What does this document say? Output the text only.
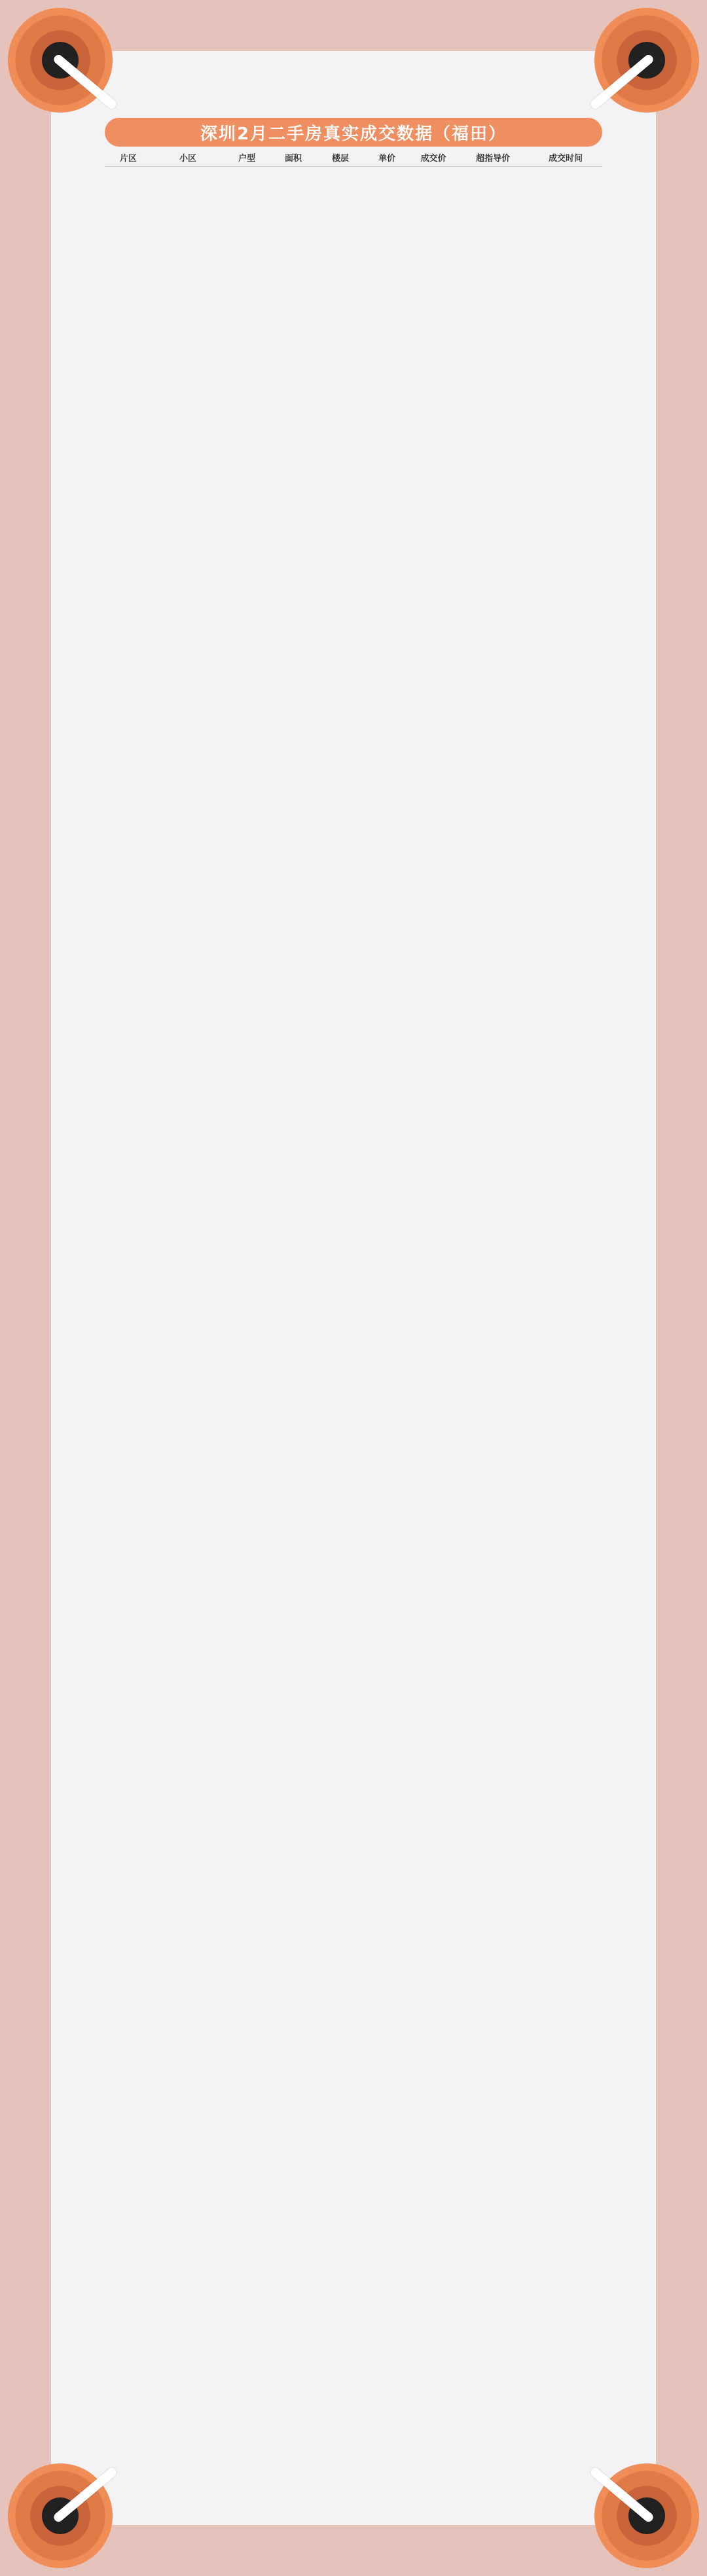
深圳2月二手房真实成交数据（福田）
片区	小区	户型	面积	楼层	单价	成交价	超指导价	成交时间
